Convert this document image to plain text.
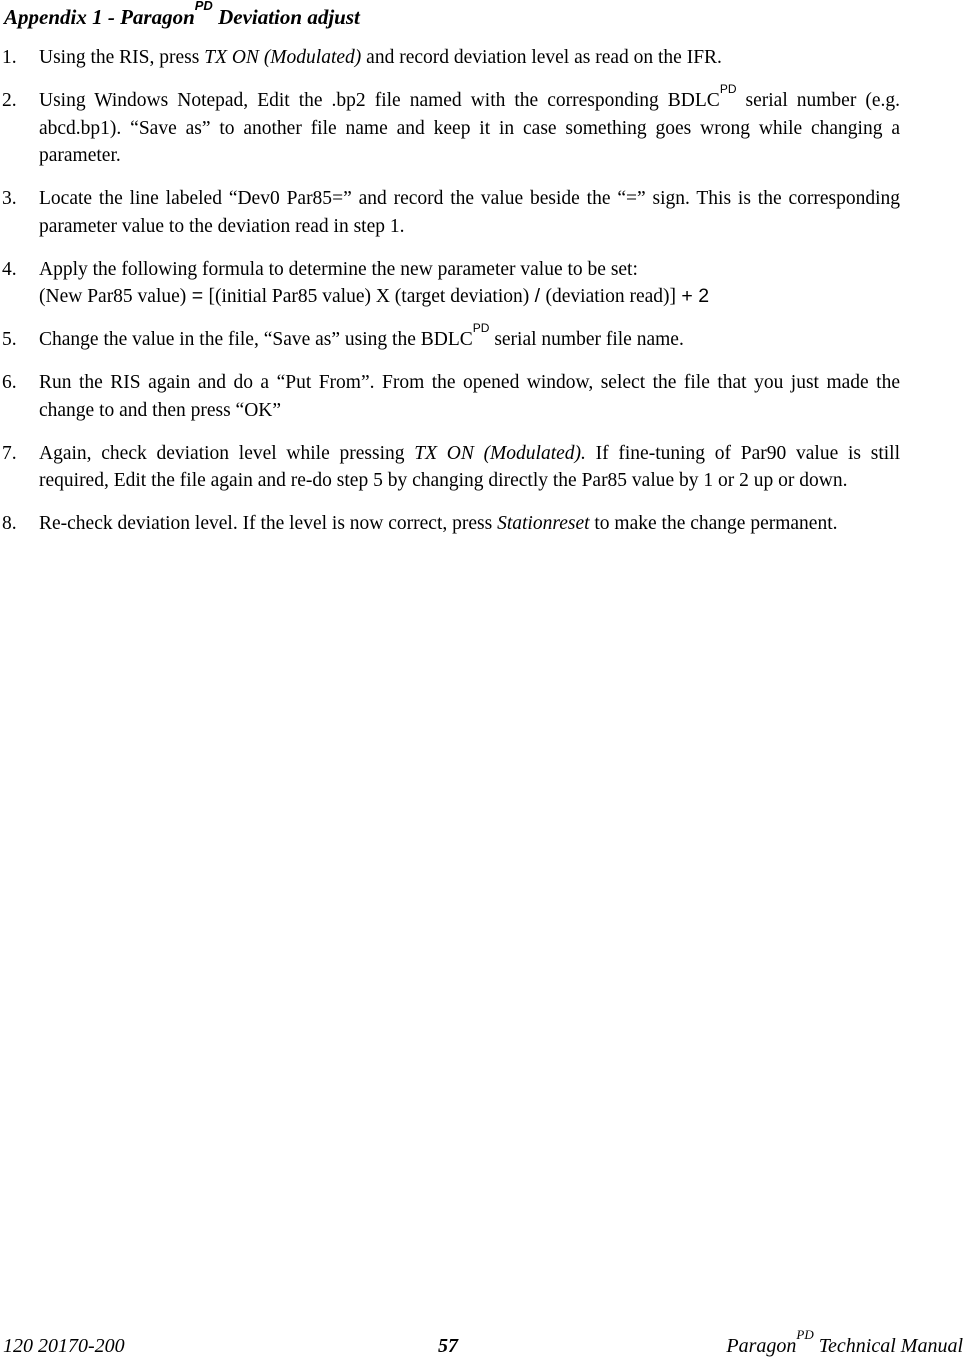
Appendix 1 - Paragon$^{PD}$ Deviation adjust
1. Using the RIS, press TX ON (Modulated) and record deviation level as read on the IFR.
2. Using Windows Notepad, Edit the .bp2 file named with the corresponding $BDLC^{PD}$ serial number (e.g. abcd.bp1). “Save as” to another file name and keep it in case something goes wrong while changing a parameter.
3. Locate the line labeled “Dev0 Par85=” and record the value beside the “=” sign. This is the corresponding parameter value to the deviation read in step 1.
4. Apply the following formula to determine the new parameter value to be set:
(New Par85 value) = [(initial Par85 value) X (target deviation) / (deviation read)] + 2
5. Change the value in the file, “Save as” using the $BDLC^{PD}$ serial number file name.
6. Run the RIS again and do a “Put From”. From the opened window, select the file that you just made the change to and then press “OK”
7. Again, check deviation level while pressing TX ON (Modulated). If fine-tuning of Par90 value is still required, Edit the file again and re-do step 5 by changing directly the Par85 value by 1 or 2 up or down.
8. Re-check deviation level. If the level is now correct, press Stationreset to make the change permanent.
120 20170-200	57	Paragon$^{PD}$ Technical Manual
